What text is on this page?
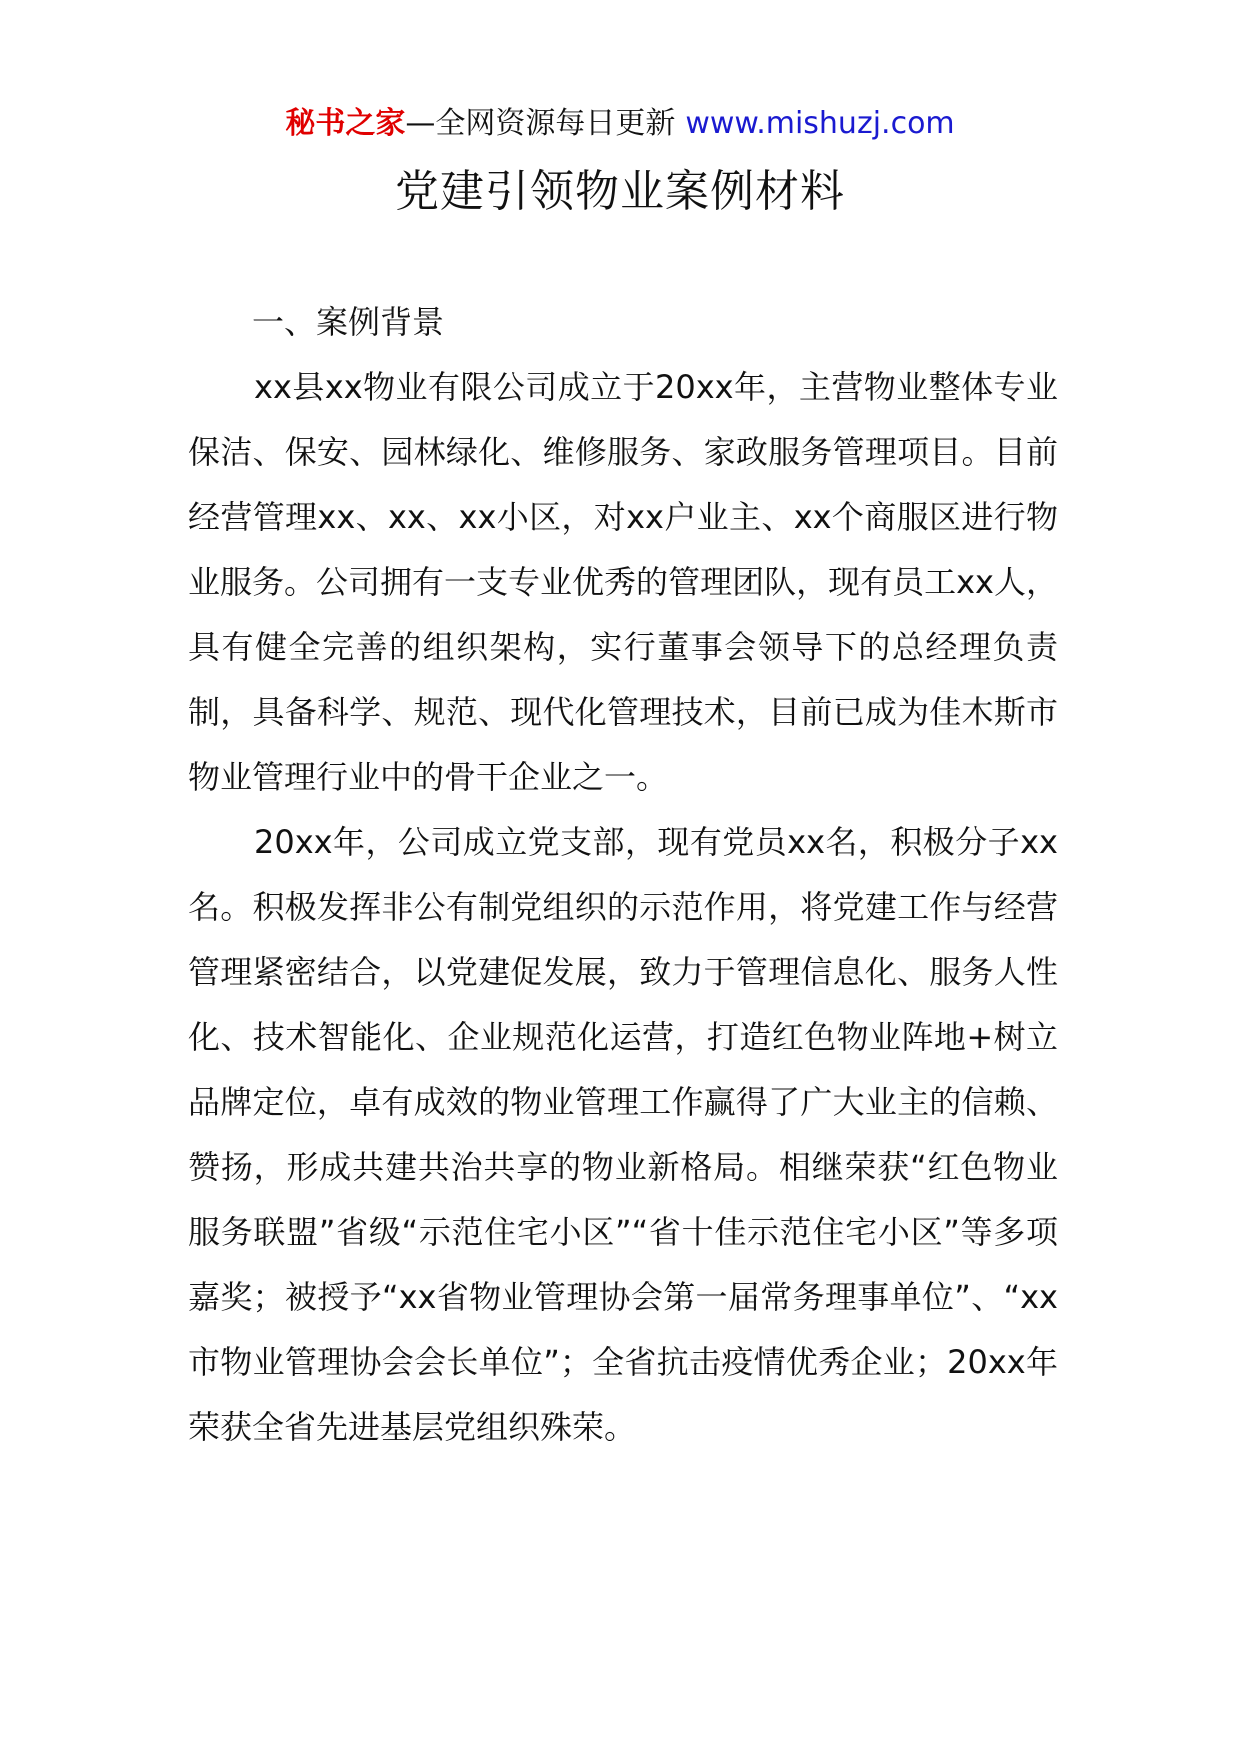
秘书之家—全网资源每日更新 www.mishuzj.com
党建引领物业案例材料

一、案例背景

xx县xx物业有限公司成立于20xx年，主营物业整体专业保洁、保安、园林绿化、维修服务、家政服务管理项目。目前经营管理xx、xx、xx小区，对xx户业主、xx个商服区进行物业服务。公司拥有一支专业优秀的管理团队，现有员工xx人，具有健全完善的组织架构，实行董事会领导下的总经理负责制，具备科学、规范、现代化管理技术，目前已成为佳木斯市物业管理行业中的骨干企业之一。

20xx年，公司成立党支部，现有党员xx名，积极分子xx名。积极发挥非公有制党组织的示范作用，将党建工作与经营管理紧密结合，以党建促发展，致力于管理信息化、服务人性化、技术智能化、企业规范化运营，打造红色物业阵地+树立品牌定位，卓有成效的物业管理工作赢得了广大业主的信赖、赞扬，形成共建共治共享的物业新格局。相继荣获“红色物业服务联盟”省级“示范住宅小区”“省十佳示范住宅小区”等多项嘉奖；被授予“xx省物业管理协会第一届常务理事单位”、“xx市物业管理协会会长单位”；全省抗击疫情优秀企业；20xx年荣获全省先进基层党组织殊荣。
